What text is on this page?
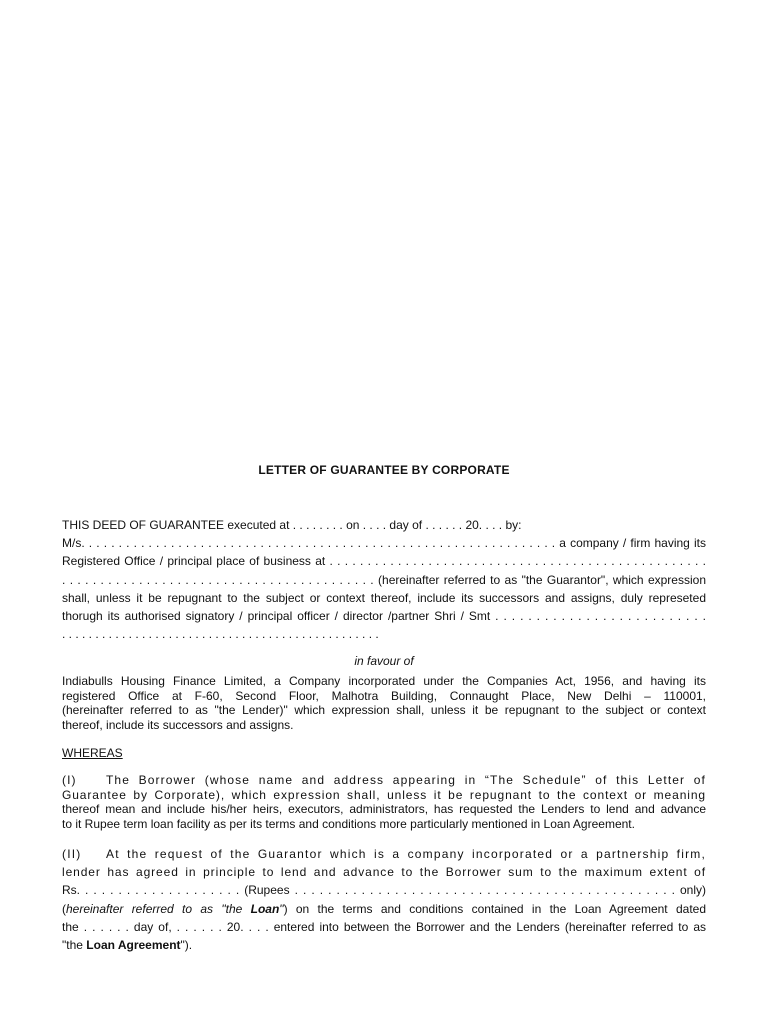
LETTER OF GUARANTEE BY CORPORATE
THIS DEED OF GUARANTEE executed at . . . . . . . . on . . . . day of . . . . . . 20. . . . by:
M/s. . . . . . . . . . . . . . . . . . . . . . . . . . . . . . . . . . . . . . . . . . . . . . . . . . . . . . . . . . . . . . . . a company / firm having its
Registered Office / principal place of business at . . . . . . . . . . . . . . . . . . . . . . . . . . . . . . . . . . . . . . . . . . . . . . . . . .
. . . . . . . . . . . . . . . . . . . . . . . . . . . . . . . . . . . . . . . . . (hereinafter referred to as "the Guarantor", which expression
shall, unless it be repugnant to the subject or context thereof, include its successors and assigns, duly represeted
thorugh its authorised signatory / principal officer / director /partner Shri / Smt . . . . . . . . . . . . . . . . . . . . . . . . . .
. . . . . . . . . . . . . . . . . . . . . . . . . . . . . . . . . . . . . . . . . . . . . . . .
in favour of
Indiabulls Housing Finance Limited, a Company incorporated under the Companies Act, 1956, and having its
registered Office at F-60, Second Floor, Malhotra Building, Connaught Place, New Delhi – 110001,
(hereinafter referred to as "the Lender)" which expression shall, unless it be repugnant to the subject or context
thereof, include its successors and assigns.
WHEREAS
(I) The Borrower (whose name and address appearing in “The Schedule” of this Letter of
Guarantee by Corporate), which expression shall, unless it be repugnant to the context or meaning
thereof mean and include his/her heirs, executors, administrators, has requested the Lenders to lend and advance
to it Rupee term loan facility as per its terms and conditions more particularly mentioned in Loan Agreement.
(II) At the request of the Guarantor which is a company incorporated or a partnership firm,
lender has agreed in principle to lend and advance to the Borrower sum to the maximum extent of
Rs. . . . . . . . . . . . . . . . . . . . (Rupees . . . . . . . . . . . . . . . . . . . . . . . . . . . . . . . . . . . . . . . . . . . . . . only)
(hereinafter referred to as "the Loan") on the terms and conditions contained in the Loan Agreement dated
the . . . . . . day of, . . . . . . 20. . . . entered into between the Borrower and the Lenders (hereinafter referred to as
"the Loan Agreement").
